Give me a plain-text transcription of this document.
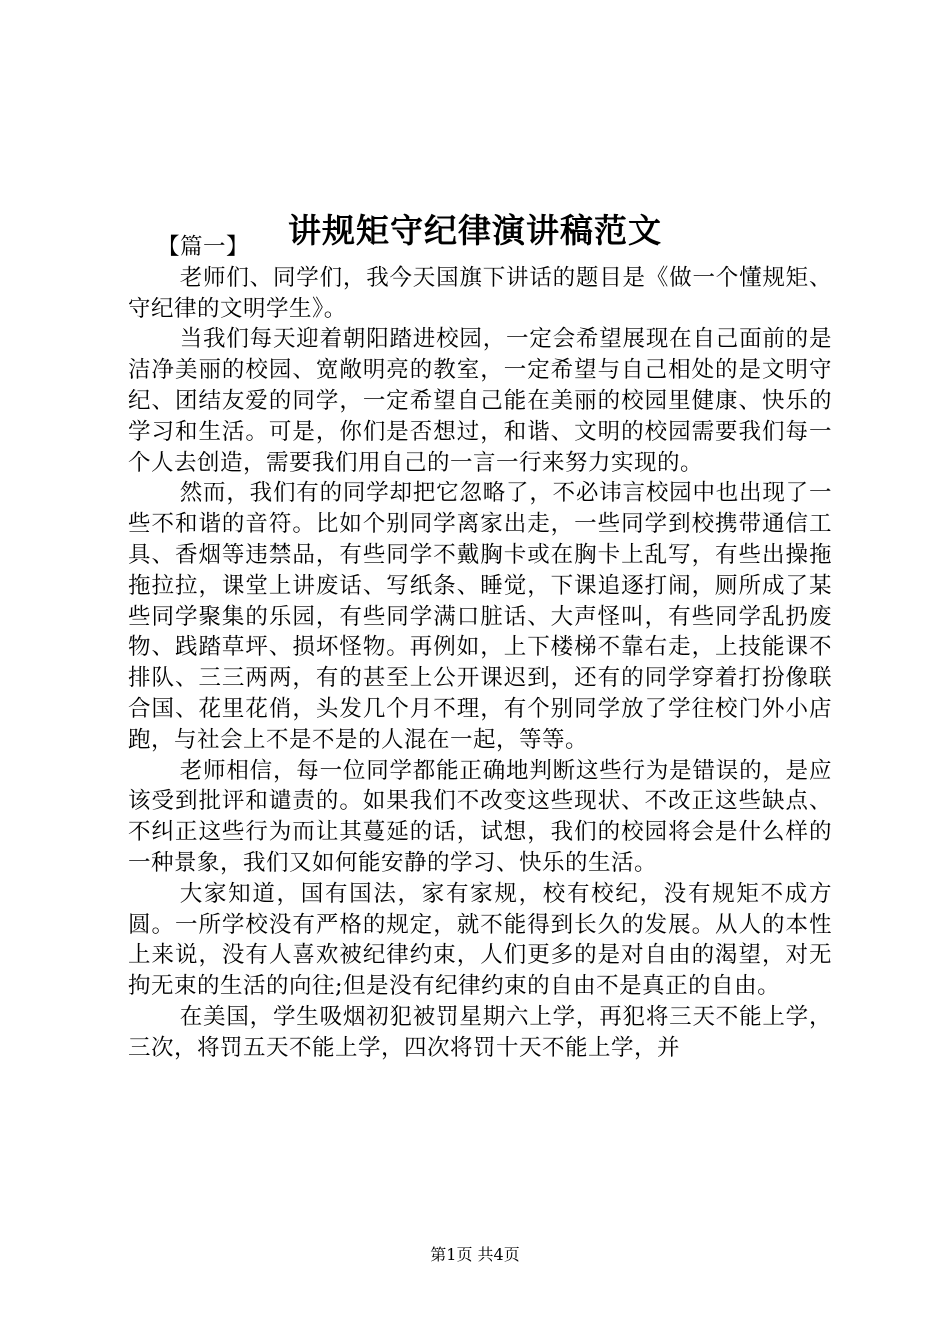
讲规矩守纪律演讲稿范文

【篇一】

老师们、同学们，我今天国旗下讲话的题目是《做一个懂规矩、守纪律的文明学生》。

当我们每天迎着朝阳踏进校园，一定会希望展现在自己面前的是洁净美丽的校园、宽敞明亮的教室，一定希望与自己相处的是文明守纪、团结友爱的同学，一定希望自己能在美丽的校园里健康、快乐的学习和生活。可是，你们是否想过，和谐、文明的校园需要我们每一个人去创造，需要我们用自己的一言一行来努力实现的。

然而，我们有的同学却把它忽略了，不必讳言校园中也出现了一些不和谐的音符。比如个别同学离家出走，一些同学到校携带通信工具、香烟等违禁品，有些同学不戴胸卡或在胸卡上乱写，有些出操拖拖拉拉，课堂上讲废话、写纸条、睡觉，下课追逐打闹，厕所成了某些同学聚集的乐园，有些同学满口脏话、大声怪叫，有些同学乱扔废物、践踏草坪、损坏怪物。再例如，上下楼梯不靠右走，上技能课不排队、三三两两，有的甚至上公开课迟到，还有的同学穿着打扮像联合国、花里花俏，头发几个月不理，有个别同学放了学往校门外小店跑，与社会上不是不是的人混在一起，等等。

老师相信，每一位同学都能正确地判断这些行为是错误的，是应该受到批评和谴责的。如果我们不改变这些现状、不改正这些缺点、不纠正这些行为而让其蔓延的话，试想，我们的校园将会是什么样的一种景象，我们又如何能安静的学习、快乐的生活。

大家知道，国有国法，家有家规，校有校纪，没有规矩不成方圆。一所学校没有严格的规定，就不能得到长久的发展。从人的本性上来说，没有人喜欢被纪律约束，人们更多的是对自由的渴望，对无拘无束的生活的向往;但是没有纪律约束的自由不是真正的自由。

在美国，学生吸烟初犯被罚星期六上学，再犯将三天不能上学，三次，将罚五天不能上学，四次将罚十天不能上学，并

第1页 共4页
